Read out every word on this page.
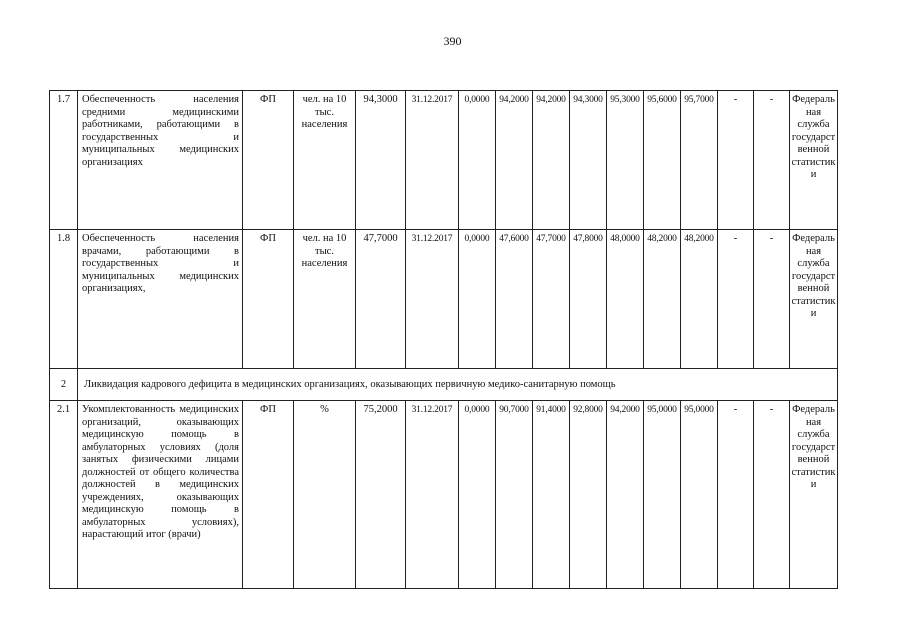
390
1.7	Обеспеченность населения средними медицинскими работниками, работающими в государственных и муниципальных медицинских организациях	ФП	чел. на 10 тыс. населения	94,3000	31.12.2017	0,0000	94,2000	94,2000	94,3000	95,3000	95,6000	95,7000	-	-	Федеральная служба государственной статистики

1.8	Обеспеченность населения врачами, работающими в государственных и муниципальных медицинских организациях,	ФП	чел. на 10 тыс. населения	47,7000	31.12.2017	0,0000	47,6000	47,7000	47,8000	48,0000	48,2000	48,2000	-	-	Федеральная служба государственной статистики

2	Ликвидация кадрового дефицита в медицинских организациях, оказывающих первичную медико-санитарную помощь														
2.1	Укомплектованность медицинских организаций, оказывающих медицинскую помощь в амбулаторных условиях (доля занятых физическими лицами должностей от общего количества должностей в медицинских учреждениях, оказывающих медицинскую помощь в амбулаторных условиях), нарастающий итог (врачи)	ФП	%	75,2000	31.12.2017	0,0000	90,7000	91,4000	92,8000	94,2000	95,0000	95,0000	-	-	Федеральная служба государственной статистики
